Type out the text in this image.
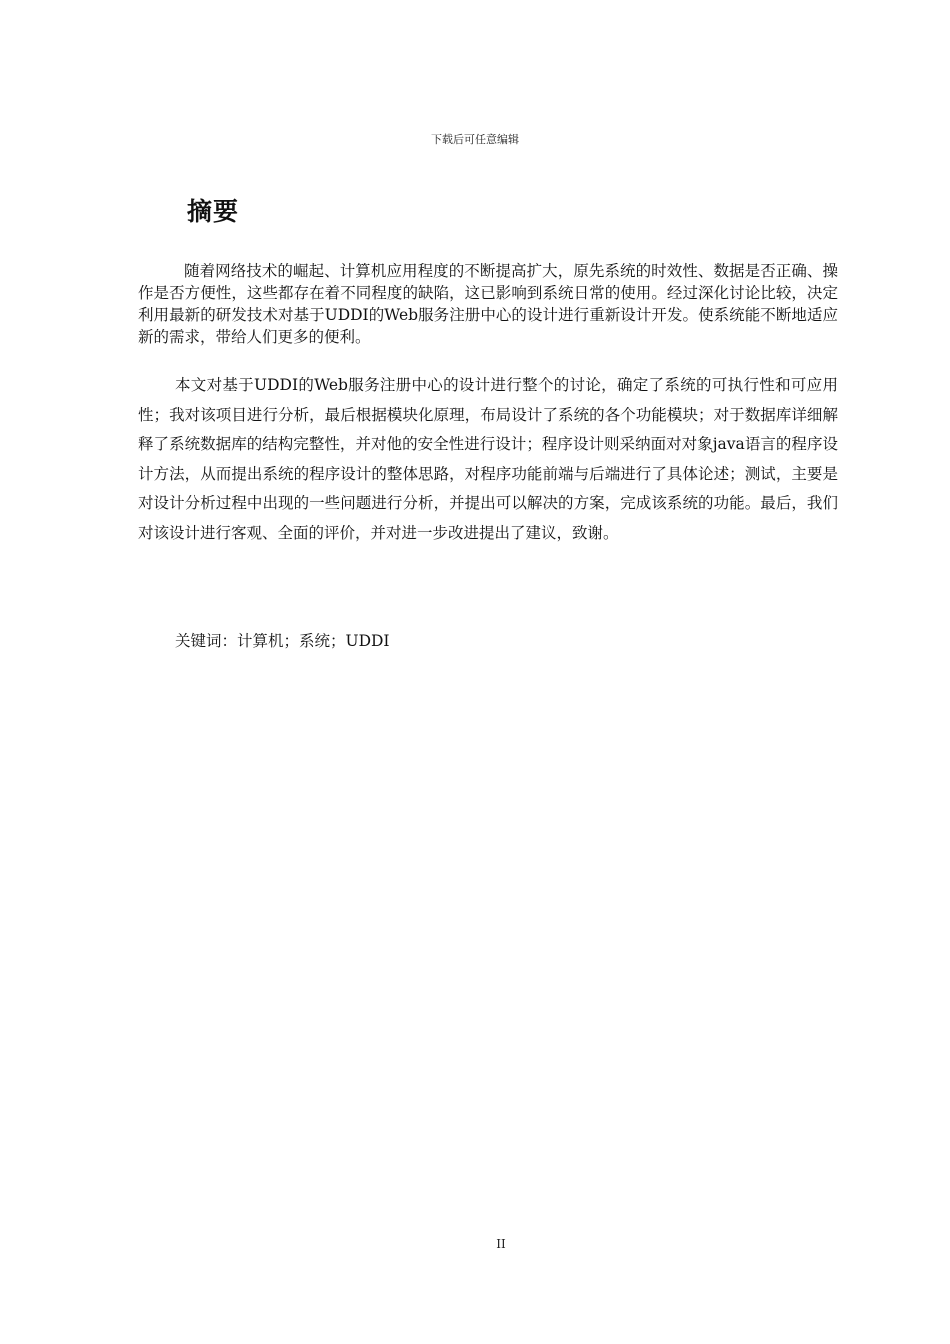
下载后可任意编辑
摘要

随着网络技术的崛起、计算机应用程度的不断提高扩大，原先系统的时效性、数据是否正确、操作是否方便性，这些都存在着不同程度的缺陷，这已影响到系统日常的使用。经过深化讨论比较，决定利用最新的研发技术对基于UDDI的Web服务注册中心的设计进行重新设计开发。使系统能不断地适应新的需求，带给人们更多的便利。

本文对基于UDDI的Web服务注册中心的设计进行整个的讨论，确定了系统的可执行性和可应用性；我对该项目进行分析，最后根据模块化原理，布局设计了系统的各个功能模块；对于数据库详细解释了系统数据库的结构完整性，并对他的安全性进行设计；程序设计则采纳面对对象java语言的程序设计方法，从而提出系统的程序设计的整体思路，对程序功能前端与后端进行了具体论述；测试，主要是对设计分析过程中出现的一些问题进行分析，并提出可以解决的方案，完成该系统的功能。最后，我们对该设计进行客观、全面的评价，并对进一步改进提出了建议，致谢。

关键词：计算机；系统；UDDI

II
